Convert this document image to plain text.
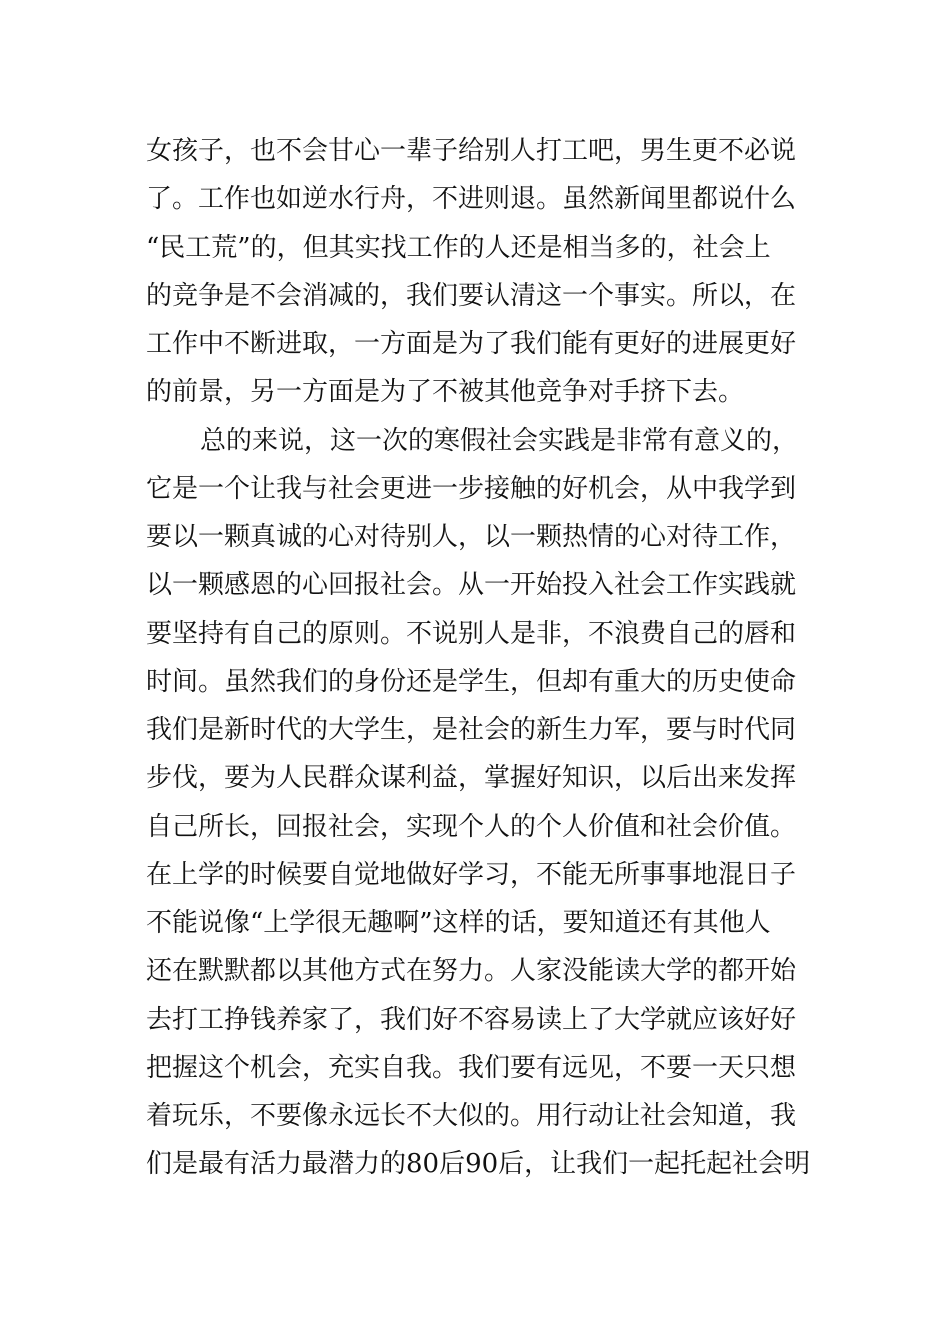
女孩子，也不会甘心一辈子给别人打工吧，男生更不必说
了。工作也如逆水行舟，不进则退。虽然新闻里都说什么
“民工荒”的，但其实找工作的人还是相当多的，社会上
的竞争是不会消减的，我们要认清这一个事实。所以，在
工作中不断进取，一方面是为了我们能有更好的进展更好
的前景，另一方面是为了不被其他竞争对手挤下去。
总的来说，这一次的寒假社会实践是非常有意义的，
它是一个让我与社会更进一步接触的好机会，从中我学到
要以一颗真诚的心对待别人，以一颗热情的心对待工作，
以一颗感恩的心回报社会。从一开始投入社会工作实践就
要坚持有自己的原则。不说别人是非，不浪费自己的唇和
时间。虽然我们的身份还是学生，但却有重大的历史使命
我们是新时代的大学生，是社会的新生力军，要与时代同
步伐，要为人民群众谋利益，掌握好知识，以后出来发挥
自己所长，回报社会，实现个人的个人价值和社会价值。
在上学的时候要自觉地做好学习，不能无所事事地混日子
不能说像“上学很无趣啊”这样的话，要知道还有其他人
还在默默都以其他方式在努力。人家没能读大学的都开始
去打工挣钱养家了，我们好不容易读上了大学就应该好好
把握这个机会，充实自我。我们要有远见，不要一天只想
着玩乐，不要像永远长不大似的。用行动让社会知道，我
们是最有活力最潜力的80后90后，让我们一起托起社会明
